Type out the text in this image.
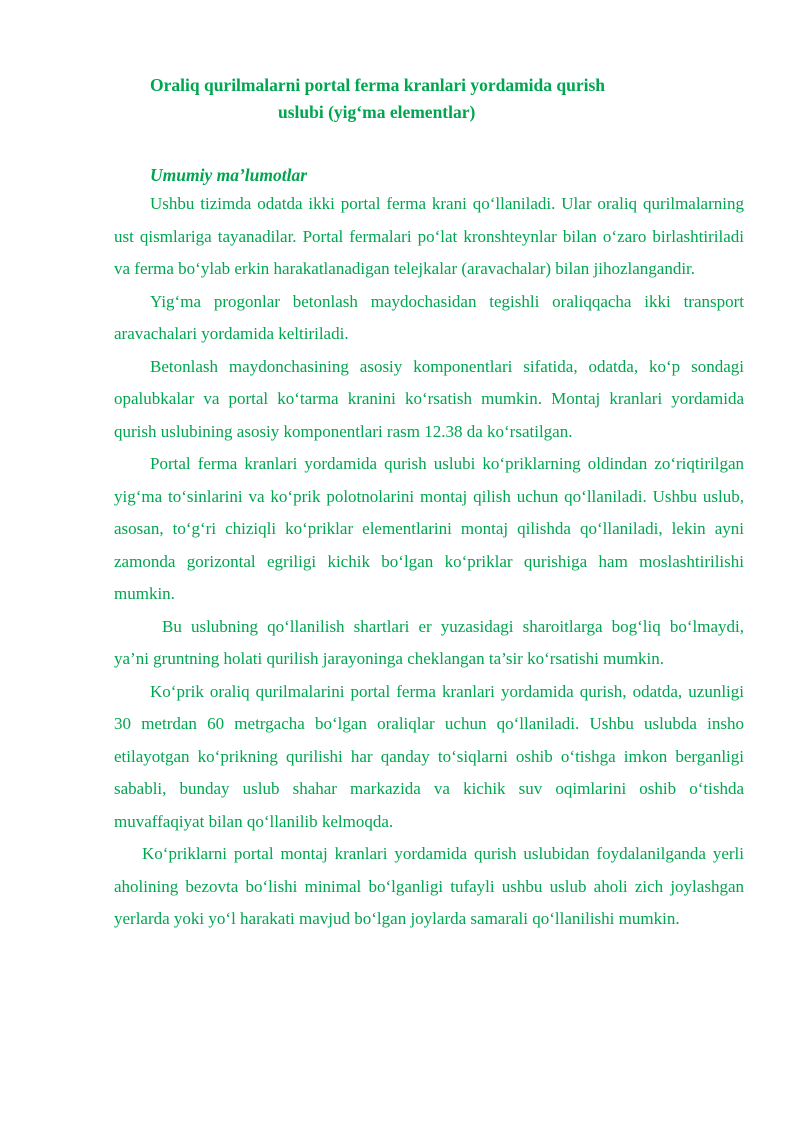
Oraliq qurilmalarni portal ferma kranlari yordamida qurish
uslubi (yig‘ma elementlar)
Umumiy ma’lumotlar

Ushbu tizimda odatda ikki portal ferma krani qo‘llaniladi. Ular oraliq qurilmalarning ust qismlariga tayanadilar. Portal fermalari po‘lat kronshteynlar bilan o‘zaro birlashtiriladi va ferma bo‘ylab erkin harakatlanadigan telejkalar (aravachalar) bilan jihozlangandir.

Yig‘ma progonlar betonlash maydochasidan tegishli oraliqqacha ikki transport aravachalari yordamida keltiriladi.

Betonlash maydonchasining asosiy komponentlari sifatida, odatda, ko‘p sondagi opalubkalar va portal ko‘tarma kranini ko‘rsatish mumkin. Montaj kranlari yordamida qurish uslubining asosiy komponentlari rasm 12.38 da ko‘rsatilgan.

Portal ferma kranlari yordamida qurish uslubi ko‘priklarning oldindan zo‘riqtirilgan yig‘ma to‘sinlarini va ko‘prik polotnolarini montaj qilish uchun qo‘llaniladi. Ushbu uslub, asosan, to‘g‘ri chiziqli ko‘priklar elementlarini montaj qilishda qo‘llaniladi, lekin ayni zamonda gorizontal egriligi kichik bo‘lgan ko‘priklar qurishiga ham moslashtirilishi mumkin.

Bu uslubning qo‘llanilish shartlari er yuzasidagi sharoitlarga bog‘liq bo‘lmaydi, ya’ni gruntning holati qurilish jarayoninga cheklangan ta’sir ko‘rsatishi mumkin.

Ko‘prik oraliq qurilmalarini portal ferma kranlari yordamida qurish, odatda, uzunligi 30 metrdan 60 metrgacha bo‘lgan oraliqlar uchun qo‘llaniladi. Ushbu uslubda insho etilayotgan ko‘prikning qurilishi har qanday to‘siqlarni oshib o‘tishga imkon berganligi sababli, bunday uslub shahar markazida va kichik suv oqimlarini oshib o‘tishda muvaffaqiyat bilan qo‘llanilib kelmoqda.

Ko‘priklarni portal montaj kranlari yordamida qurish uslubidan foydalanilganda yerli aholining bezovta bo‘lishi minimal bo‘lganligi tufayli ushbu uslub aholi zich joylashgan yerlarda yoki yo‘l harakati mavjud bo‘lgan joylarda samarali qo‘llanilishi mumkin.
